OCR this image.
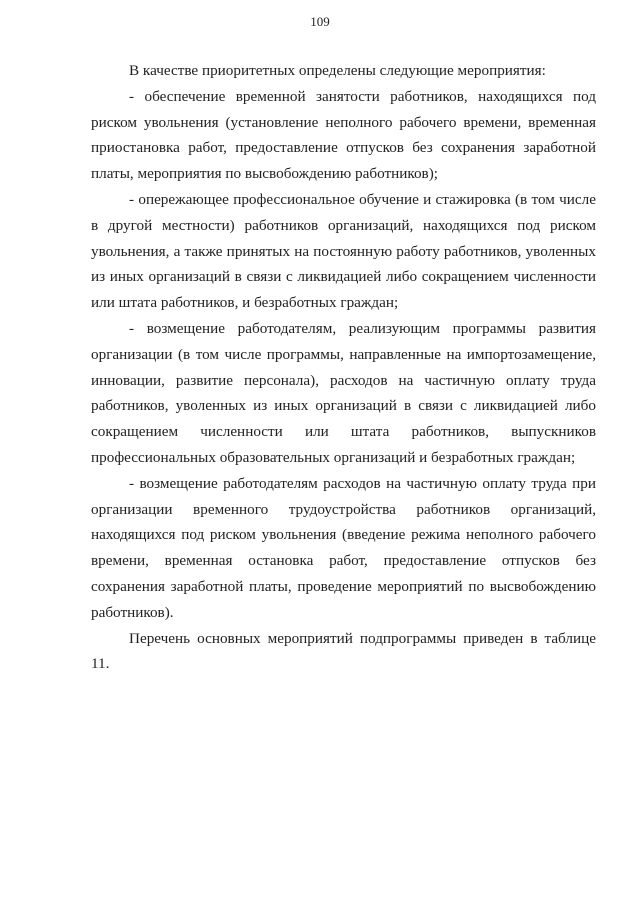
109

В качестве приоритетных определены следующие мероприятия:

- обеспечение временной занятости работников, находящихся под риском увольнения (установление неполного рабочего времени, временная приостановка работ, предоставление отпусков без сохранения заработной платы, мероприятия по высвобождению работников);

- опережающее профессиональное обучение и стажировка (в том числе в другой местности) работников организаций, находящихся под риском увольнения, а также принятых на постоянную работу работников, уволенных из иных организаций в связи с ликвидацией либо сокращением численности или штата работников, и безработных граждан;

- возмещение работодателям, реализующим программы развития организации (в том числе программы, направленные на импортозамещение, инновации, развитие персонала), расходов на частичную оплату труда работников, уволенных из иных организаций в связи с ликвидацией либо сокращением численности или штата работников, выпускников профессиональных образовательных организаций и безработных граждан;

- возмещение работодателям расходов на частичную оплату труда при организации временного трудоустройства работников организаций, находящихся под риском увольнения (введение режима неполного рабочего времени, временная остановка работ, предоставление отпусков без сохранения заработной платы, проведение мероприятий по высвобождению работников).

Перечень основных мероприятий подпрограммы приведен в таблице 11.
